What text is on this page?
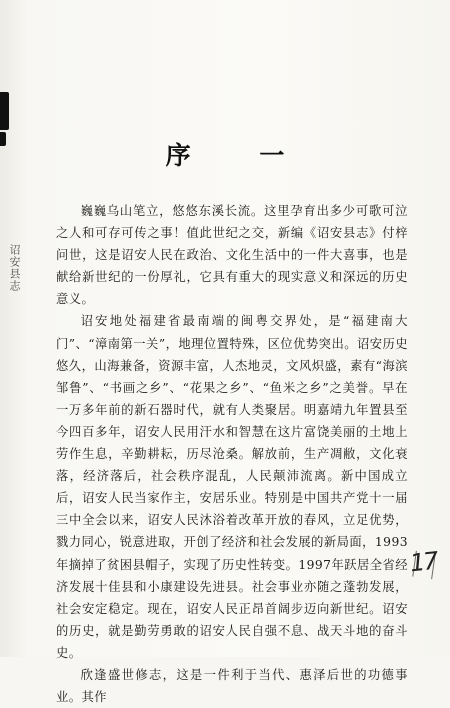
诏安县志
序 一

巍巍乌山笔立，悠悠东溪长流。这里孕育出多少可歌可泣之人和可存可传之事！值此世纪之交，新编《诏安县志》付梓问世，这是诏安人民在政治、文化生活中的一件大喜事，也是献给新世纪的一份厚礼，它具有重大的现实意义和深远的历史意义。

诏安地处福建省最南端的闽粤交界处，是“福建南大门”、“漳南第一关”，地理位置特殊，区位优势突出。诏安历史悠久，山海兼备，资源丰富，人杰地灵，文风炽盛，素有“海滨邹鲁”、“书画之乡”、“花果之乡”、“鱼米之乡”之美誉。早在一万多年前的新石器时代，就有人类聚居。明嘉靖九年置县至今四百多年，诏安人民用汗水和智慧在这片富饶美丽的土地上劳作生息，辛勤耕耘，历尽沧桑。解放前，生产凋敝，文化衰落，经济落后，社会秩序混乱，人民颠沛流离。新中国成立后，诏安人民当家作主，安居乐业。特别是中国共产党十一届三中全会以来，诏安人民沐浴着改革开放的春风，立足优势，戮力同心，锐意进取，开创了经济和社会发展的新局面，1993年摘掉了贫困县帽子，实现了历史性转变。1997年跃居全省经济发展十佳县和小康建设先进县。社会事业亦随之蓬勃发展，社会安定稳定。现在，诏安人民正昂首阔步迈向新世纪。诏安的历史，就是勤劳勇敢的诏安人民自强不息、战天斗地的奋斗史。

欣逢盛世修志，这是一件利于当代、惠泽后世的功德事业。其作

17
